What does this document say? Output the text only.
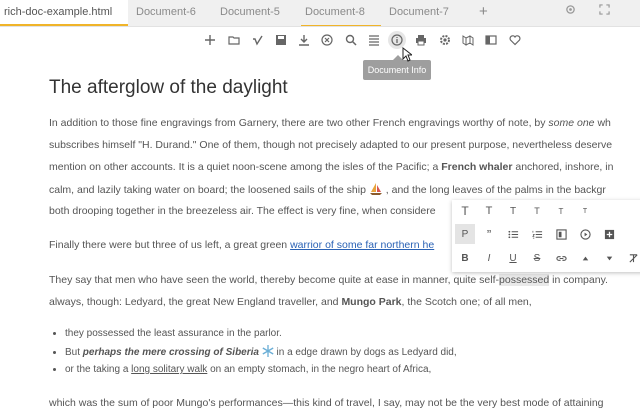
rich-doc-example.html	Document-6	Document-5	Document-8	Document-7	+
Document Info
The afterglow of the daylight
In addition to those fine engravings from Garnery, there are two other French engravings worthy of note, by some one wh
subscribes himself "H. Durand." One of them, though not precisely adapted to our present purpose, nevertheless deserve
mention on other accounts. It is a quiet noon-scene among the isles of the Pacific; a French whaler anchored, inshore, in
calm, and lazily taking water on board; the loosened sails of the ship  , and the long leaves of the palms in the backgr
both drooping together in the breezeless air. The effect is very fine, when considere
Finally there were but three of us left, a great green warrior of some far northern he
They say that men who have seen the world, thereby become quite at ease in manner, quite self-possessed in company.
always, though: Ledyard, the great New England traveller, and Mungo Park, the Scotch one; of all men,
• they possessed the least assurance in the parlor.
• But perhaps the mere crossing of Siberia  in a edge drawn by dogs as Ledyard did,
• or the taking a long solitary walk on an empty stomach, in the negro heart of Africa,
which was the sum of poor Mungo's performances—this kind of travel, I say, may not be the very best mode of attaining
T	T	T	T	T	T
P	”
B	I	U	S
